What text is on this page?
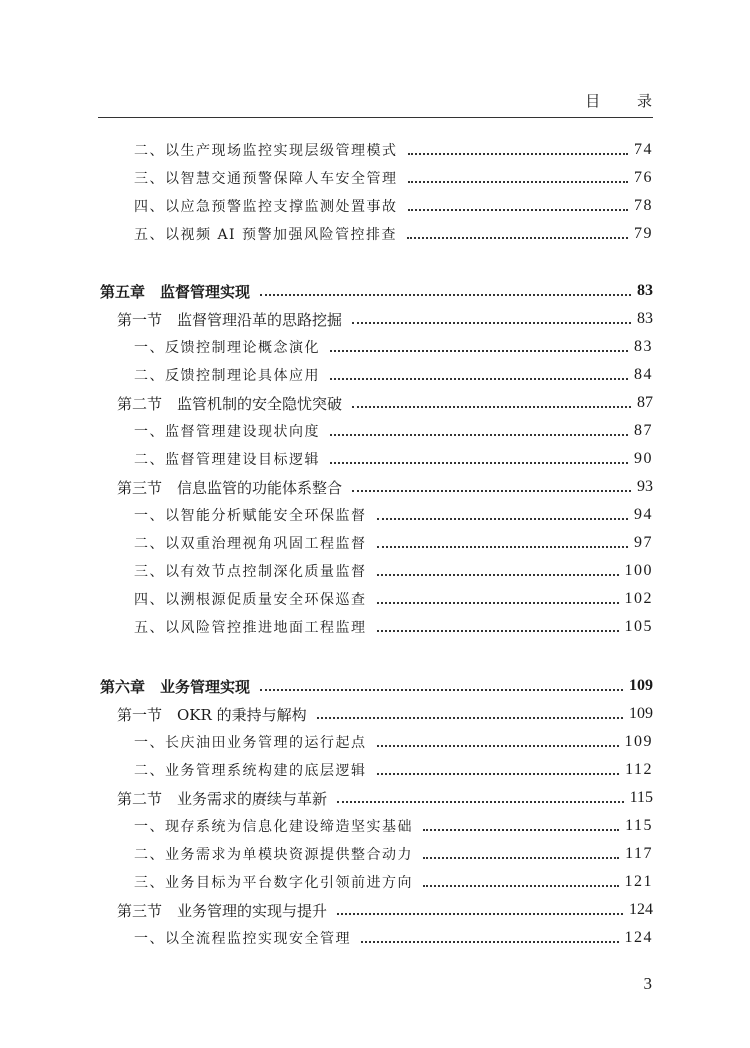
目 录
二、以生产现场监控实现层级管理模式	74
三、以智慧交通预警保障人车安全管理	76
四、以应急预警监控支撑监测处置事故	78
五、以视频 AI 预警加强风险管控排查	79
第五章　监督管理实现	83
第一节　监督管理沿革的思路挖掘	83
一、反馈控制理论概念演化	83
二、反馈控制理论具体应用	84
第二节　监管机制的安全隐忧突破	87
一、监督管理建设现状向度	87
二、监督管理建设目标逻辑	90
第三节　信息监管的功能体系整合	93
一、以智能分析赋能安全环保监督	94
二、以双重治理视角巩固工程监督	97
三、以有效节点控制深化质量监督	100
四、以溯根源促质量安全环保巡查	102
五、以风险管控推进地面工程监理	105
第六章　业务管理实现	109
第一节　OKR 的秉持与解构	109
一、长庆油田业务管理的运行起点	109
二、业务管理系统构建的底层逻辑	112
第二节　业务需求的赓续与革新	115
一、现存系统为信息化建设缔造坚实基础	115
二、业务需求为单模块资源提供整合动力	117
三、业务目标为平台数字化引领前进方向	121
第三节　业务管理的实现与提升	124
一、以全流程监控实现安全管理	124
3
